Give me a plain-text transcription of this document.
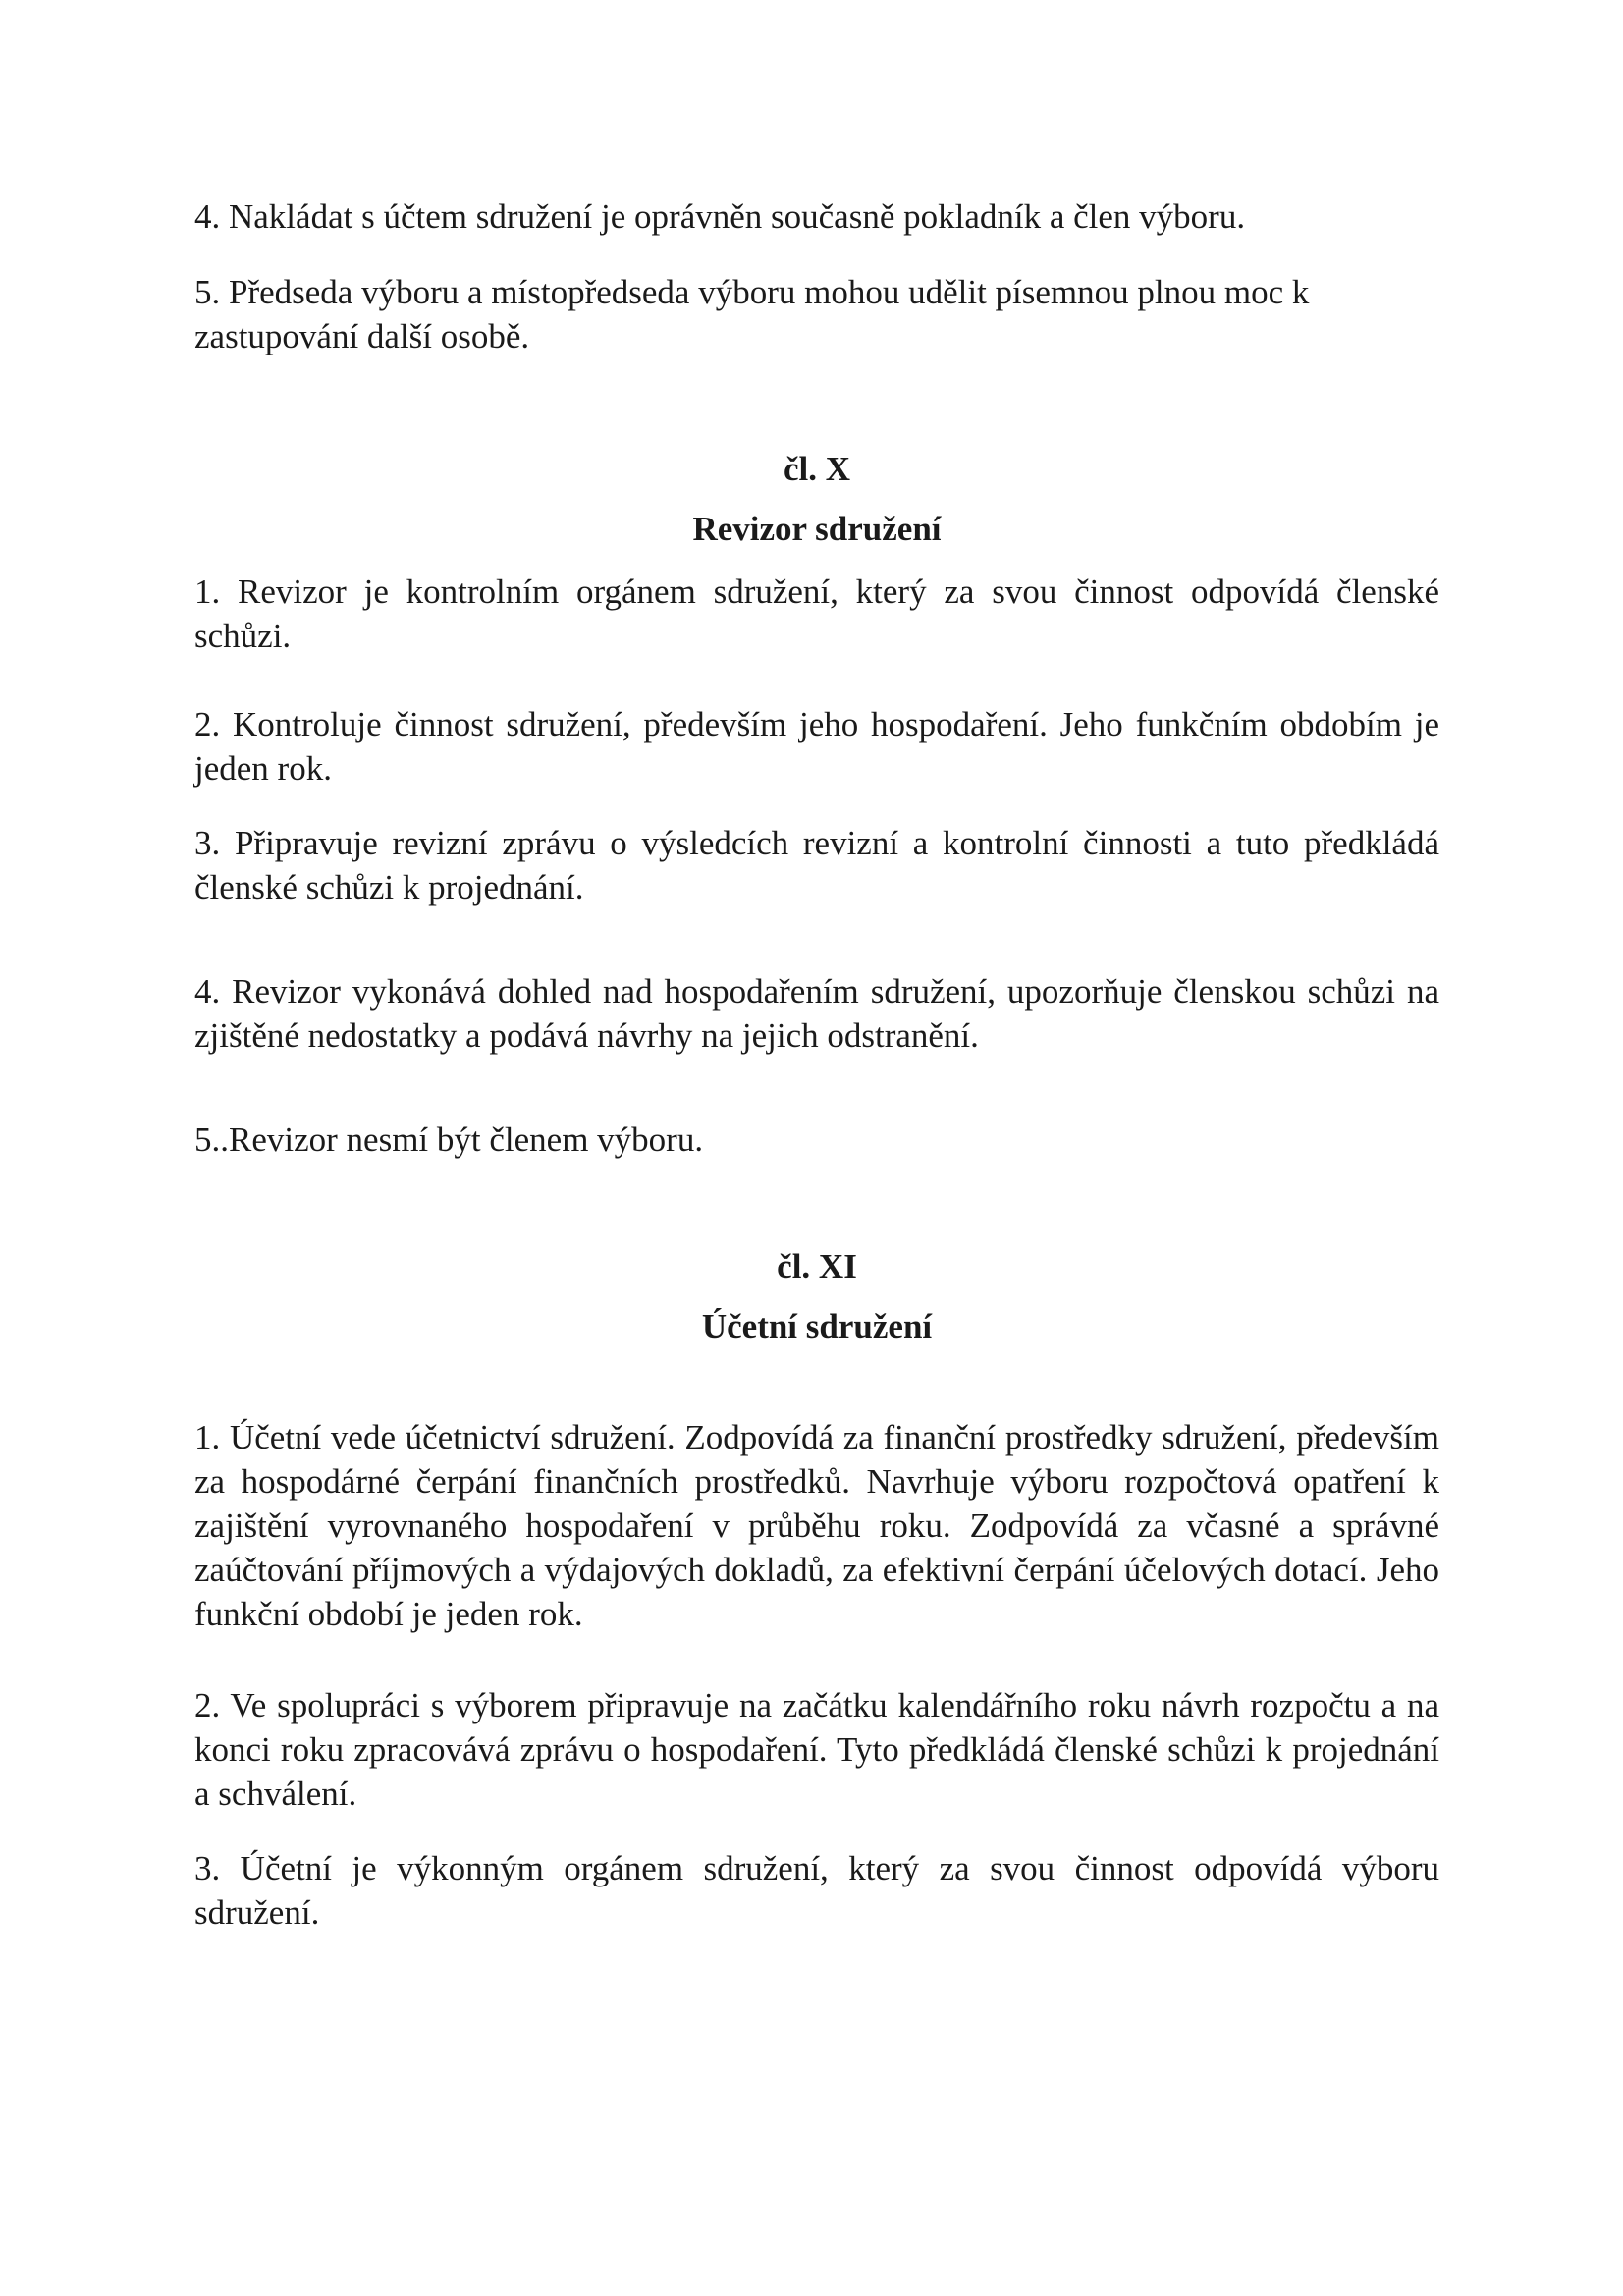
4. Nakládat s účtem sdružení je oprávněn současně pokladník a člen výboru.

5. Předseda výboru a místopředseda výboru mohou udělit písemnou plnou moc k zastupování další osobě.

čl. X

Revizor sdružení

1. Revizor je kontrolním orgánem sdružení, který za svou činnost odpovídá členské schůzi.

2. Kontroluje činnost sdružení, především jeho hospodaření. Jeho funkčním obdobím je jeden rok.

3. Připravuje revizní zprávu o výsledcích revizní a kontrolní činnosti a tuto předkládá členské schůzi k projednání.

4. Revizor vykonává dohled nad hospodařením sdružení, upozorňuje členskou schůzi na zjištěné nedostatky a podává návrhy na jejich odstranění.

5..Revizor nesmí být členem výboru.

čl. XI

Účetní sdružení

1. Účetní vede účetnictví sdružení. Zodpovídá za finanční prostředky sdružení, především za hospodárné čerpání finančních prostředků. Navrhuje výboru rozpočtová opatření k zajištění vyrovnaného hospodaření v průběhu roku. Zodpovídá za včasné a správné zaúčtování příjmových a výdajových dokladů, za efektivní čerpání účelových dotací. Jeho funkční období je jeden rok.

2. Ve spolupráci s výborem připravuje na začátku kalendářního roku návrh rozpočtu a na konci roku zpracovává zprávu o hospodaření. Tyto předkládá členské schůzi k projednání a schválení.

3. Účetní je výkonným orgánem sdružení, který za svou činnost odpovídá výboru sdružení.
